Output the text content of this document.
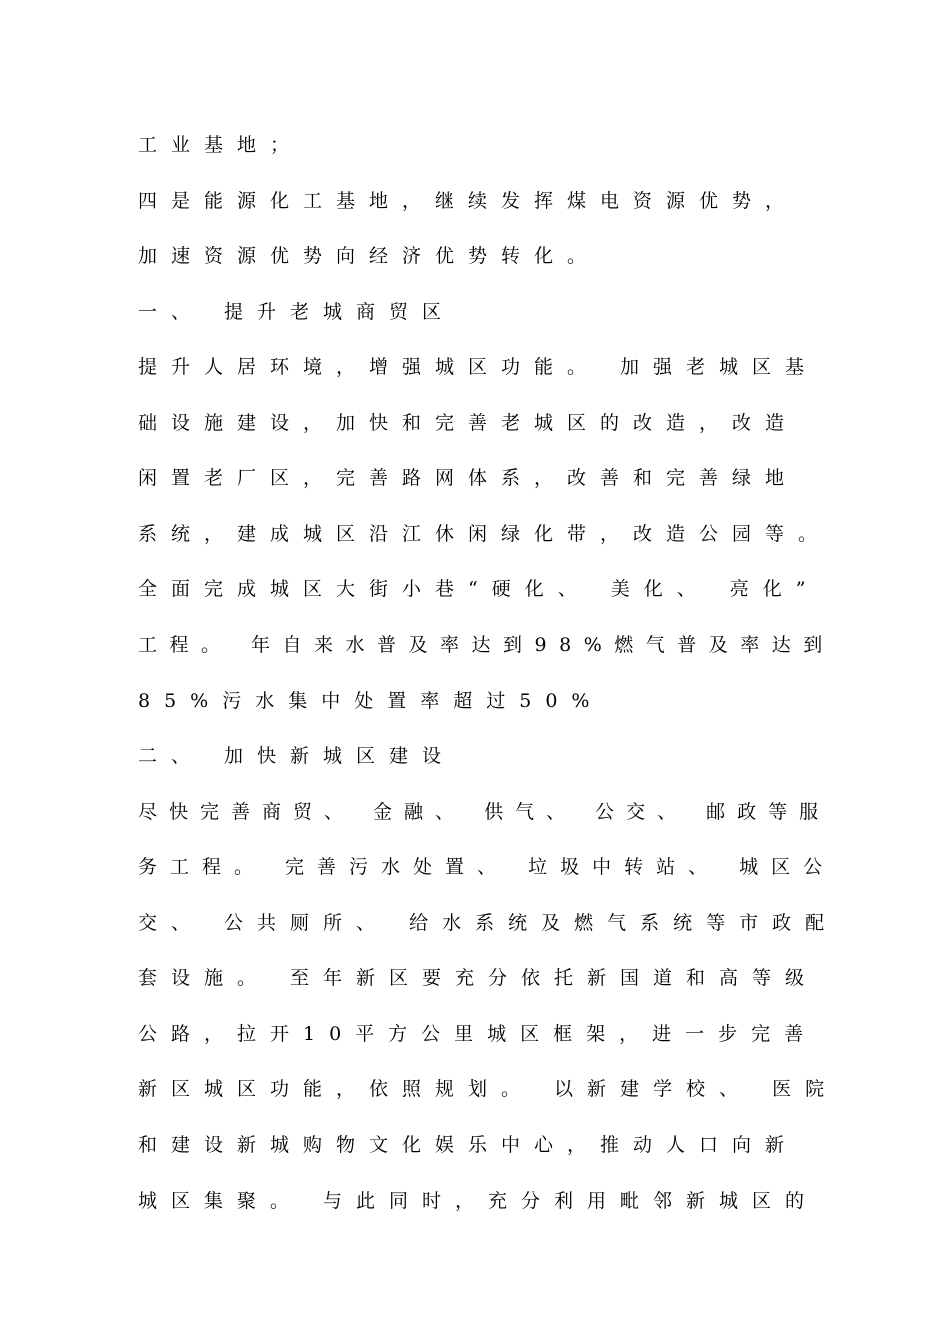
工业基地；
四是能源化工基地，继续发挥煤电资源优势，
加速资源优势向经济优势转化。
一、 提升老城商贸区
提升人居环境，增强城区功能。 加强老城区基
础设施建设，加快和完善老城区的改造，改造
闲置老厂区，完善路网体系，改善和完善绿地
系统，建成城区沿江休闲绿化带，改造公园等。
全面完成城区大街小巷“硬化、 美化、 亮化”
工程。 年自来水普及率达到98%燃气普及率达到
85%污水集中处置率超过50%
二、 加快新城区建设
尽快完善商贸、 金融、 供气、 公交、 邮政等服
务工程。 完善污水处置、 垃圾中转站、 城区公
交、 公共厕所、 给水系统及燃气系统等市政配
套设施。 至年新区要充分依托新国道和高等级
公路，拉开10平方公里城区框架，进一步完善
新区城区功能，依照规划。 以新建学校、 医院
和建设新城购物文化娱乐中心，推动人口向新
城区集聚。 与此同时，充分利用毗邻新城区的
